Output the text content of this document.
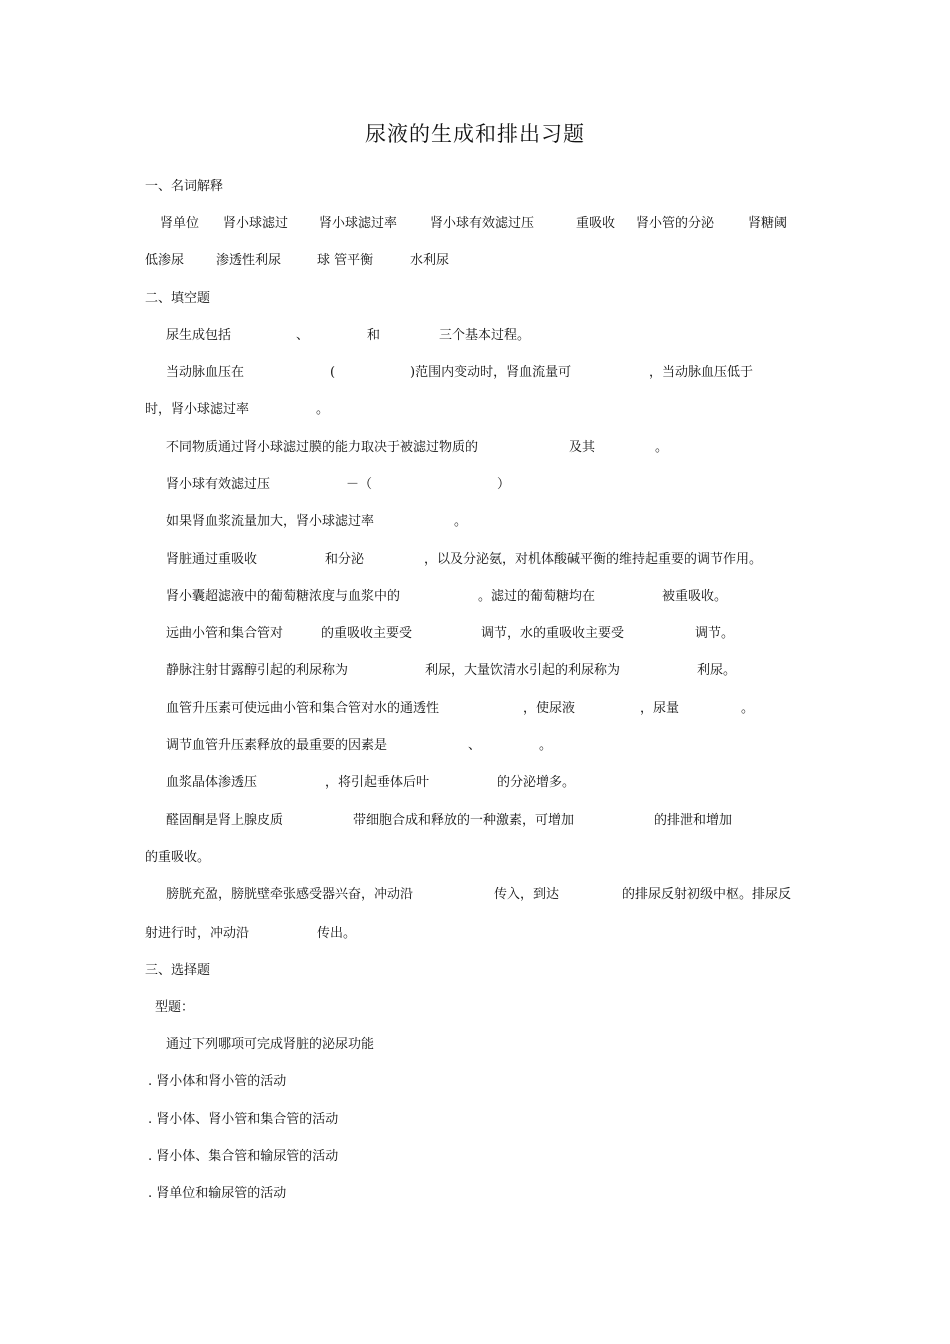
尿液的生成和排出习题
一、名词解释
肾单位 肾小球滤过 肾小球滤过率	肾小球有效滤过压	重吸收 肾小管的分泌	肾糖阈
低渗尿 渗透性利尿	球 管平衡	水利尿
二、填空题
尿生成包括	、	和	三个基本过程。
当动脉血压在	(	)范围内变动时，肾血流量可	，当动脉血压低于
时，肾小球滤过率	。
不同物质通过肾小球滤过膜的能力取决于被滤过物质的	及其	。
肾小球有效滤过压	－（	）
如果肾血浆流量加大，肾小球滤过率	。
肾脏通过重吸收	和分泌	，以及分泌氨，对机体酸碱平衡的维持起重要的调节作用。
肾小囊超滤液中的葡萄糖浓度与血浆中的	。滤过的葡萄糖均在	被重吸收。
远曲小管和集合管对	的重吸收主要受	调节，水的重吸收主要受	调节。
静脉注射甘露醇引起的利尿称为	利尿，大量饮清水引起的利尿称为	利尿。
血管升压素可使远曲小管和集合管对水的通透性	，使尿液	，尿量	。
调节血管升压素释放的最重要的因素是	、	。
血浆晶体渗透压	，将引起垂体后叶	的分泌增多。
醛固酮是肾上腺皮质	带细胞合成和释放的一种激素，可增加	的排泄和增加
的重吸收。
膀胱充盈，膀胱壁牵张感受器兴奋，冲动沿	传入，到达	的排尿反射初级中枢。排尿反
射进行时，冲动沿	传出。
三、选择题
型题：
通过下列哪项可完成肾脏的泌尿功能
. 肾小体和肾小管的活动
. 肾小体、肾小管和集合管的活动
. 肾小体、集合管和输尿管的活动
. 肾单位和输尿管的活动
